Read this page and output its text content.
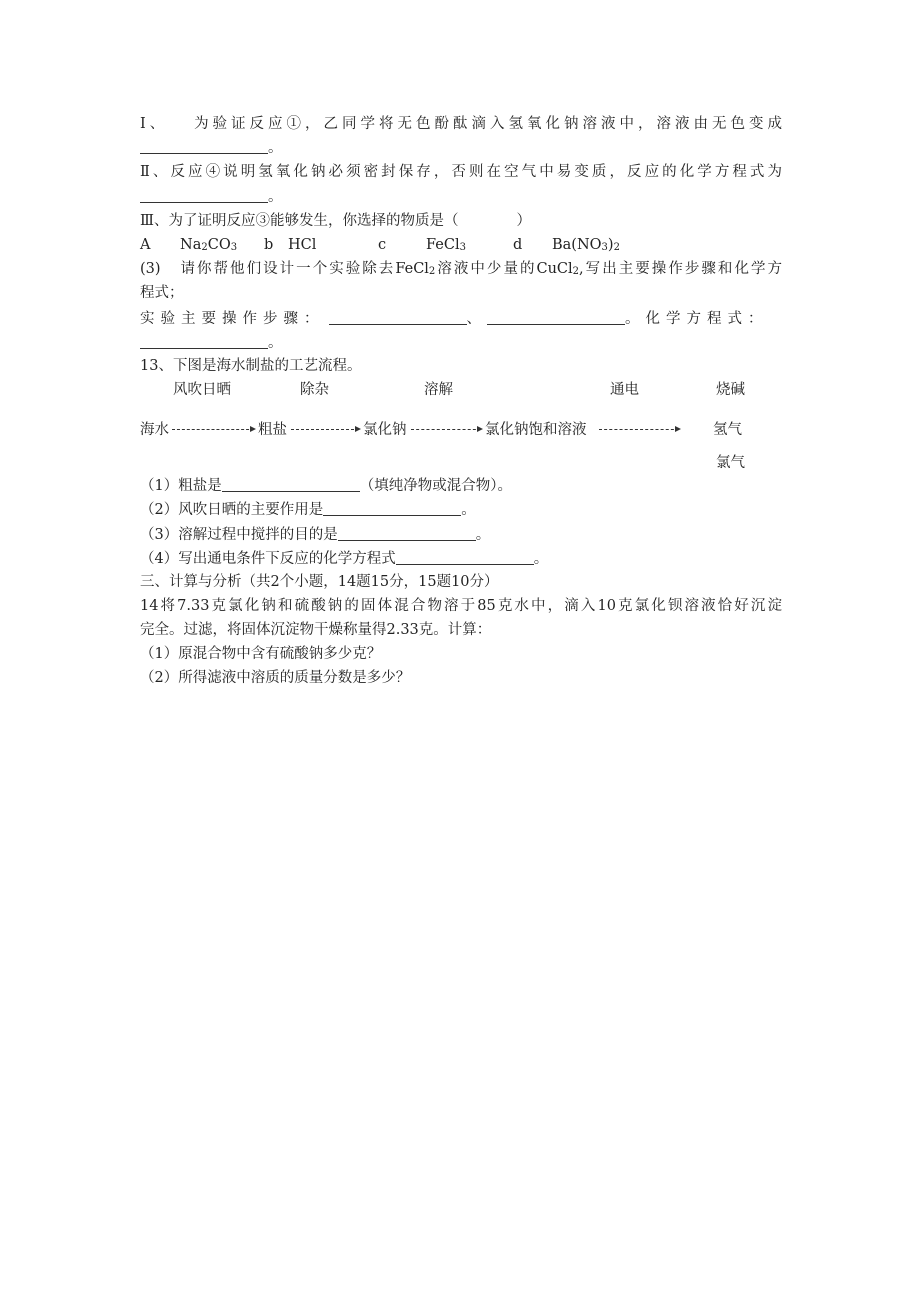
Ⅰ、 为验证反应①，乙同学将无色酚酞滴入氢氧化钠溶液中，溶液由无色变成
。
Ⅱ、反应④说明氢氧化钠必须密封保存，否则在空气中易变质，反应的化学方程式为
。
Ⅲ、为了证明反应③能够发生，你选择的物质是（	）
A $Na_2CO_3$ b HCl	c	FeCl$_3$	d $Ba(NO_3)_2$
(3) 请你帮他们设计一个实验除去FeCl$_2$溶液中少量的CuCl$_2$,写出主要操作步骤和化学方
程式；
实验主要操作步骤：	、	。化学方程式：
。
13、下图是海水制盐的工艺流程。
风吹日晒	除杂	溶解	通电	烧碱
海水	粗盐	氯化钠	氯化钠饱和溶液	氢气
氯气
（1）粗盐是	（填纯净物或混合物）。
（2）风吹日晒的主要作用是	。
（3）溶解过程中搅拌的目的是	。
（4）写出通电条件下反应的化学方程式	。
三、计算与分析（共2个小题，14题15分，15题10分）
14将7.33克氯化钠和硫酸钠的固体混合物溶于85克水中，滴入10克氯化钡溶液恰好沉淀
完全。过滤，将固体沉淀物干燥称量得2.33克。计算：
（1）原混合物中含有硫酸钠多少克？
（2）所得滤液中溶质的质量分数是多少？
